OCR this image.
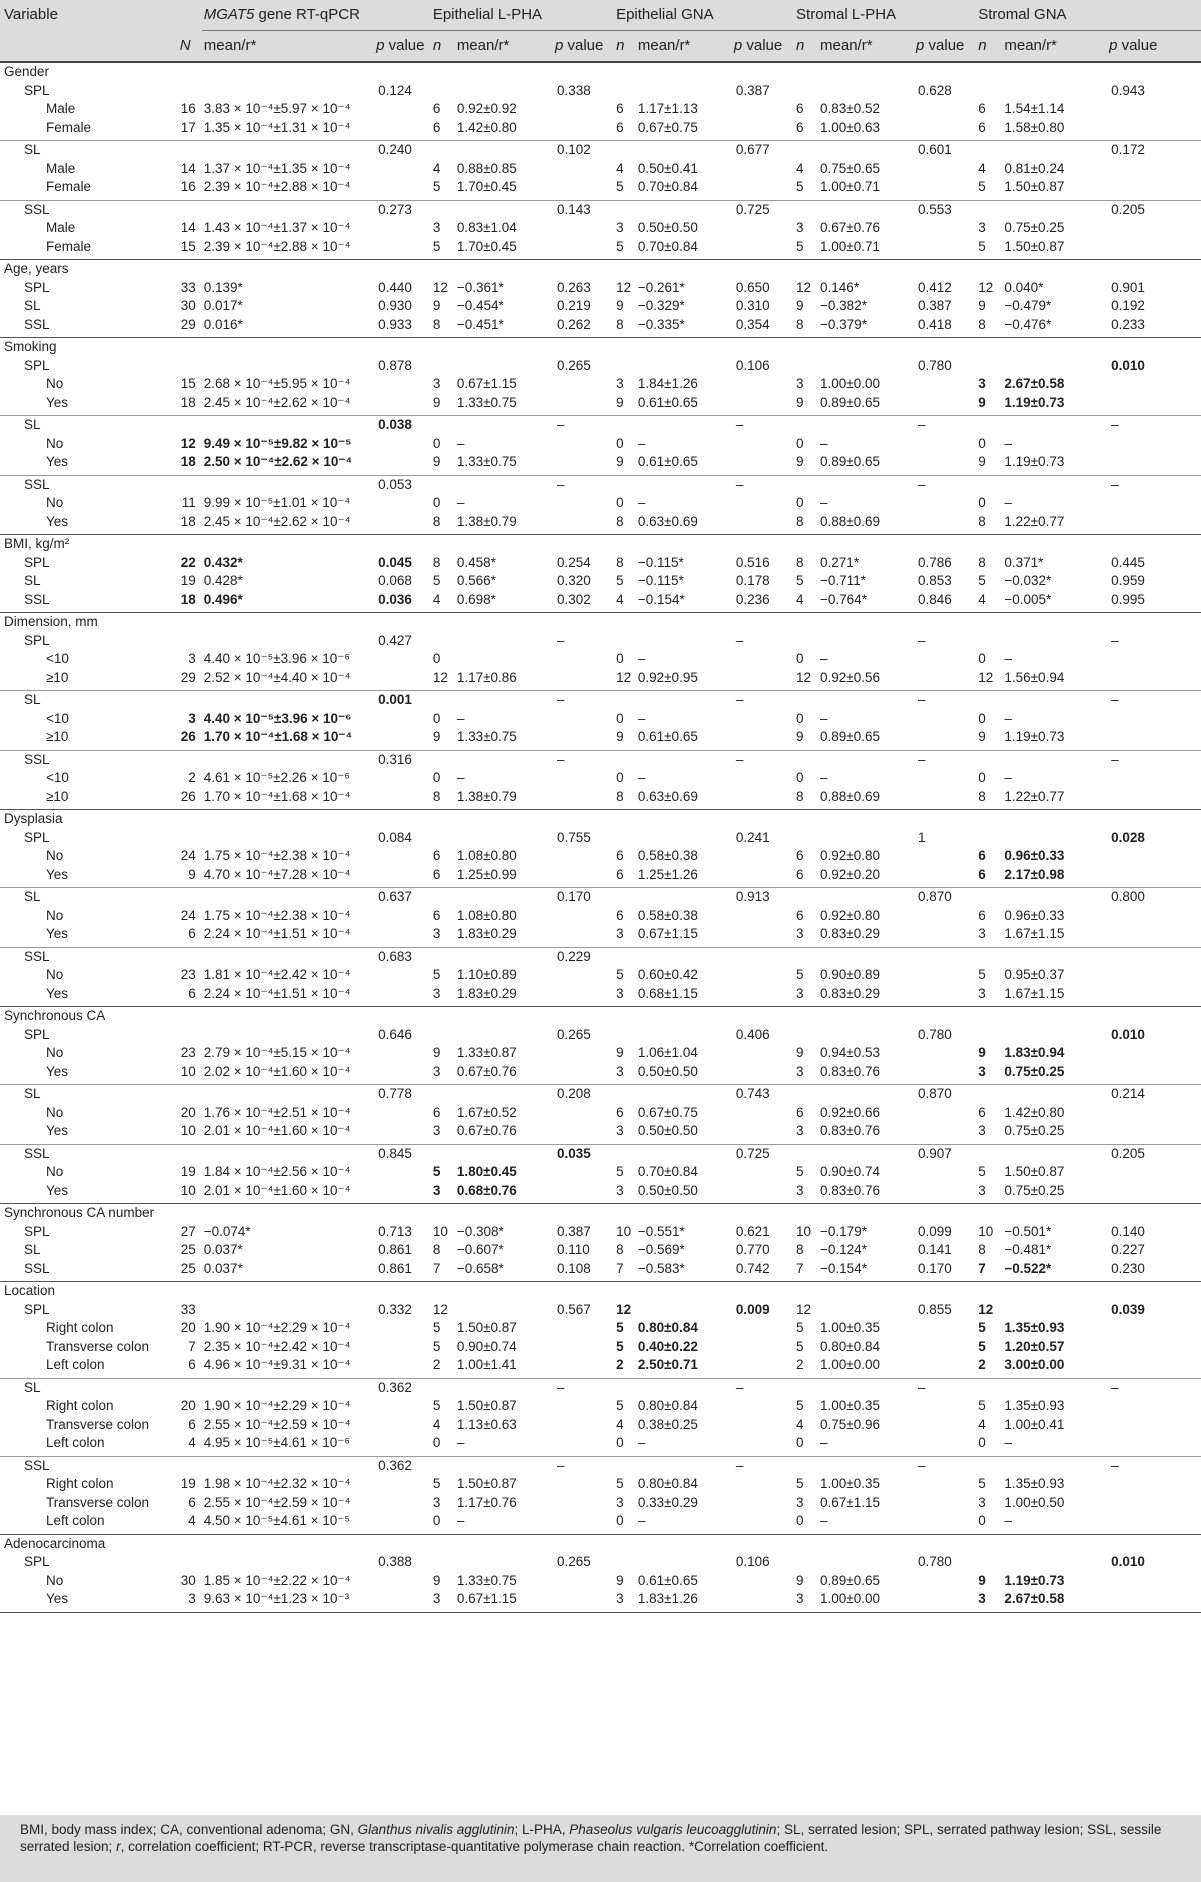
Variable		MGAT5 gene RT-qPCR		Epithelial L-PHA			Epithelial GNA			Stromal L-PHA			Stromal GNA		
	N	mean/r*	p value	n	mean/r*	p value	n	mean/r*	p value	n	mean/r*	p value	n	mean/r*	p value
Gender															
SPL			0.124			0.338			0.387			0.628			0.943
Male	16	3.83 × 10⁻⁴±5.97 × 10⁻⁴		6	0.92±0.92		6	1.17±1.13		6	0.83±0.52		6	1.54±1.14	
Female	17	1.35 × 10⁻⁴±1.31 × 10⁻⁴		6	1.42±0.80		6	0.67±0.75		6	1.00±0.63		6	1.58±0.80	
SL			0.240			0.102			0.677			0.601			0.172
Male	14	1.37 × 10⁻⁴±1.35 × 10⁻⁴		4	0.88±0.85		4	0.50±0.41		4	0.75±0.65		4	0.81±0.24	
Female	16	2.39 × 10⁻⁴±2.88 × 10⁻⁴		5	1.70±0.45		5	0.70±0.84		5	1.00±0.71		5	1.50±0.87	
SSL			0.273			0.143			0.725			0.553			0.205
Male	14	1.43 × 10⁻⁴±1.37 × 10⁻⁴		3	0.83±1.04		3	0.50±0.50		3	0.67±0.76		3	0.75±0.25	
Female	15	2.39 × 10⁻⁴±2.88 × 10⁻⁴		5	1.70±0.45		5	0.70±0.84		5	1.00±0.71		5	1.50±0.87	
Age, years															
SPL	33	0.139*	0.440	12	−0.361*	0.263	12	−0.261*	0.650	12	0.146*	0.412	12	0.040*	0.901
SL	30	0.017*	0.930	9	−0.454*	0.219	9	−0.329*	0.310	9	−0.382*	0.387	9	−0.479*	0.192
SSL	29	0.016*	0.933	8	−0.451*	0.262	8	−0.335*	0.354	8	−0.379*	0.418	8	−0.476*	0.233
Smoking															
SPL			0.878			0.265			0.106			0.780			0.010
No	15	2.68 × 10⁻⁴±5.95 × 10⁻⁴		3	0.67±1.15		3	1.84±1.26		3	1.00±0.00		3	2.67±0.58	
Yes	18	2.45 × 10⁻⁴±2.62 × 10⁻⁴		9	1.33±0.75		9	0.61±0.65		9	0.89±0.65		9	1.19±0.73	
SL			0.038			–			–			–			–
No	12	9.49 × 10⁻⁵±9.82 × 10⁻⁵		0	–		0	–		0	–		0	–	
Yes	18	2.50 × 10⁻⁴±2.62 × 10⁻⁴		9	1.33±0.75		9	0.61±0.65		9	0.89±0.65		9	1.19±0.73	
SSL			0.053			–			–			–			–
No	11	9.99 × 10⁻⁵±1.01 × 10⁻⁴		0	–		0	–		0	–		0	–	
Yes	18	2.45 × 10⁻⁴±2.62 × 10⁻⁴		8	1.38±0.79		8	0.63±0.69		8	0.88±0.69		8	1.22±0.77	
BMI, kg/m²															
SPL	22	0.432*	0.045	8	0.458*	0.254	8	−0.115*	0.516	8	0.271*	0.786	8	0.371*	0.445
SL	19	0.428*	0.068	5	0.566*	0.320	5	−0.115*	0.178	5	−0.711*	0.853	5	−0.032*	0.959
SSL	18	0.496*	0.036	4	0.698*	0.302	4	−0.154*	0.236	4	−0.764*	0.846	4	−0.005*	0.995
Dimension, mm															
SPL			0.427			–			–			–			–
<10	3	4.40 × 10⁻⁵±3.96 × 10⁻⁶		0			0	–		0	–		0	–	
≥10	29	2.52 × 10⁻⁴±4.40 × 10⁻⁴		12	1.17±0.86		12	0.92±0.95		12	0.92±0.56		12	1.56±0.94	
SL			0.001			–			–			–			–
<10	3	4.40 × 10⁻⁵±3.96 × 10⁻⁶		0	–		0	–		0	–		0	–	
≥10	26	1.70 × 10⁻⁴±1.68 × 10⁻⁴		9	1.33±0.75		9	0.61±0.65		9	0.89±0.65		9	1.19±0.73	
SSL			0.316			–			–			–			–
<10	2	4.61 × 10⁻⁵±2.26 × 10⁻⁶		0	–		0	–		0	–		0	–	
≥10	26	1.70 × 10⁻⁴±1.68 × 10⁻⁴		8	1.38±0.79		8	0.63±0.69		8	0.88±0.69		8	1.22±0.77	
Dysplasia															
SPL			0.084			0.755			0.241			1			0.028
No	24	1.75 × 10⁻⁴±2.38 × 10⁻⁴		6	1.08±0.80		6	0.58±0.38		6	0.92±0.80		6	0.96±0.33	
Yes	9	4.70 × 10⁻⁴±7.28 × 10⁻⁴		6	1.25±0.99		6	1.25±1.26		6	0.92±0.20		6	2.17±0.98	
SL			0.637			0.170			0.913			0.870			0.800
No	24	1.75 × 10⁻⁴±2.38 × 10⁻⁴		6	1.08±0.80		6	0.58±0.38		6	0.92±0.80		6	0.96±0.33	
Yes	6	2.24 × 10⁻⁴±1.51 × 10⁻⁴		3	1.83±0.29		3	0.67±1.15		3	0.83±0.29		3	1.67±1.15	
SSL			0.683			0.229									
No	23	1.81 × 10⁻⁴±2.42 × 10⁻⁴		5	1.10±0.89		5	0.60±0.42		5	0.90±0.89		5	0.95±0.37	
Yes	6	2.24 × 10⁻⁴±1.51 × 10⁻⁴		3	1.83±0.29		3	0.68±1.15		3	0.83±0.29		3	1.67±1.15	
Synchronous CA															
SPL			0.646			0.265			0.406			0.780			0.010
No	23	2.79 × 10⁻⁴±5.15 × 10⁻⁴		9	1.33±0.87		9	1.06±1.04		9	0.94±0.53		9	1.83±0.94	
Yes	10	2.02 × 10⁻⁴±1.60 × 10⁻⁴		3	0.67±0.76		3	0.50±0.50		3	0.83±0.76		3	0.75±0.25	
SL			0.778			0.208			0.743			0.870			0.214
No	20	1.76 × 10⁻⁴±2.51 × 10⁻⁴		6	1.67±0.52		6	0.67±0.75		6	0.92±0.66		6	1.42±0.80	
Yes	10	2.01 × 10⁻⁴±1.60 × 10⁻⁴		3	0.67±0.76		3	0.50±0.50		3	0.83±0.76		3	0.75±0.25	
SSL			0.845			0.035			0.725			0.907			0.205
No	19	1.84 × 10⁻⁴±2.56 × 10⁻⁴		5	1.80±0.45		5	0.70±0.84		5	0.90±0.74		5	1.50±0.87	
Yes	10	2.01 × 10⁻⁴±1.60 × 10⁻⁴		3	0.68±0.76		3	0.50±0.50		3	0.83±0.76		3	0.75±0.25	
Synchronous CA number															
SPL	27	−0.074*	0.713	10	−0.308*	0.387	10	−0.551*	0.621	10	−0.179*	0.099	10	−0.501*	0.140
SL	25	0.037*	0.861	8	−0.607*	0.110	8	−0.569*	0.770	8	−0.124*	0.141	8	−0.481*	0.227
SSL	25	0.037*	0.861	7	−0.658*	0.108	7	−0.583*	0.742	7	−0.154*	0.170	7	−0.522*	0.230
Location															
SPL	33		0.332	12		0.567	12		0.009	12		0.855	12		0.039
Right colon	20	1.90 × 10⁻⁴±2.29 × 10⁻⁴		5	1.50±0.87		5	0.80±0.84		5	1.00±0.35		5	1.35±0.93	
Transverse colon	7	2.35 × 10⁻⁴±2.42 × 10⁻⁴		5	0.90±0.74		5	0.40±0.22		5	0.80±0.84		5	1.20±0.57	
Left colon	6	4.96 × 10⁻⁴±9.31 × 10⁻⁴		2	1.00±1.41		2	2.50±0.71		2	1.00±0.00		2	3.00±0.00	
SL			0.362			–			–			–			–
Right colon	20	1.90 × 10⁻⁴±2.29 × 10⁻⁴		5	1.50±0.87		5	0.80±0.84		5	1.00±0.35		5	1.35±0.93	
Transverse colon	6	2.55 × 10⁻⁴±2.59 × 10⁻⁴		4	1.13±0.63		4	0.38±0.25		4	0.75±0.96		4	1.00±0.41	
Left colon	4	4.95 × 10⁻⁵±4.61 × 10⁻⁶		0	–		0	–		0	–		0	–	
SSL			0.362			–			–			–			–
Right colon	19	1.98 × 10⁻⁴±2.32 × 10⁻⁴		5	1.50±0.87		5	0.80±0.84		5	1.00±0.35		5	1.35±0.93	
Transverse colon	6	2.55 × 10⁻⁴±2.59 × 10⁻⁴		3	1.17±0.76		3	0.33±0.29		3	0.67±1.15		3	1.00±0.50	
Left colon	4	4.50 × 10⁻⁵±4.61 × 10⁻⁵		0	–		0	–		0	–		0	–	
Adenocarcinoma															
SPL			0.388			0.265			0.106			0.780			0.010
No	30	1.85 × 10⁻⁴±2.22 × 10⁻⁴		9	1.33±0.75		9	0.61±0.65		9	0.89±0.65		9	1.19±0.73	
Yes	3	9.63 × 10⁻⁴±1.23 × 10⁻³		3	0.67±1.15		3	1.83±1.26		3	1.00±0.00		3	2.67±0.58	
BMI, body mass index; CA, conventional adenoma; GN, Glanthus nivalis agglutinin; L-PHA, Phaseolus vulgaris leucoagglutinin; SL, serrated lesion; SPL, serrated pathway lesion; SSL, sessile serrated lesion; r, correlation coefficient; RT-PCR, reverse transcriptase-quantitative polymerase chain reaction. *Correlation coefficient.
